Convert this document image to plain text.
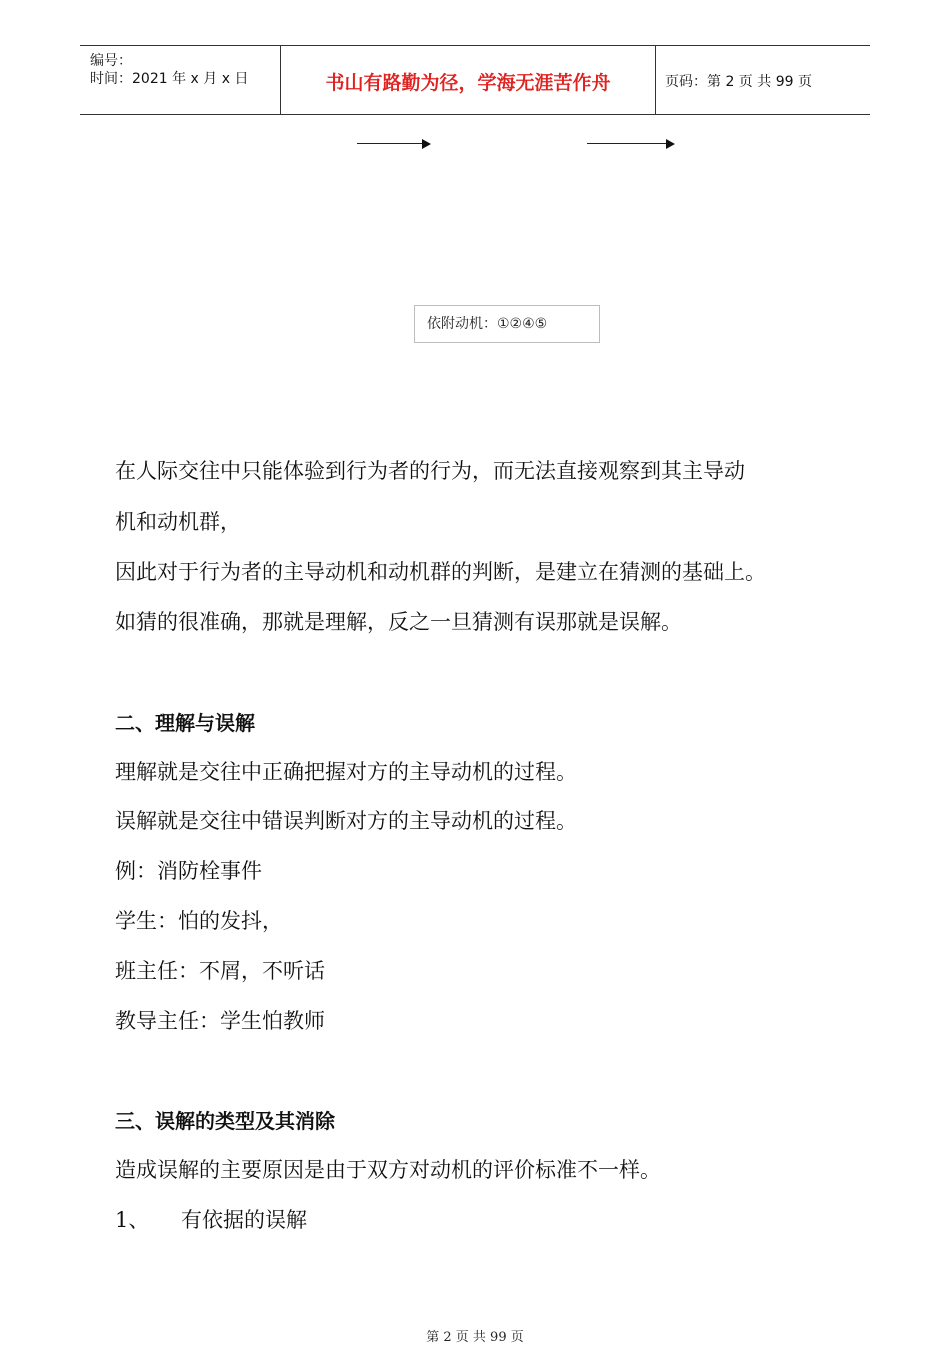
编号：
时间：2021 年 x 月 x 日	书山有路勤为径，学海无涯苦作舟	页码：第 2 页 共 99 页
依附动机：①②④⑤
在人际交往中只能体验到行为者的行为，而无法直接观察到其主导动
机和动机群，
因此对于行为者的主导动机和动机群的判断，是建立在猜测的基础上。
如猜的很准确，那就是理解，反之一旦猜测有误那就是误解。
二、理解与误解
理解就是交往中正确把握对方的主导动机的过程。
误解就是交往中错误判断对方的主导动机的过程。
例：消防栓事件
学生：怕的发抖，
班主任：不屑，不听话
教导主任：学生怕教师
三、误解的类型及其消除
造成误解的主要原因是由于双方对动机的评价标准不一样。
1、 有依据的误解
第 2 页 共 99 页
